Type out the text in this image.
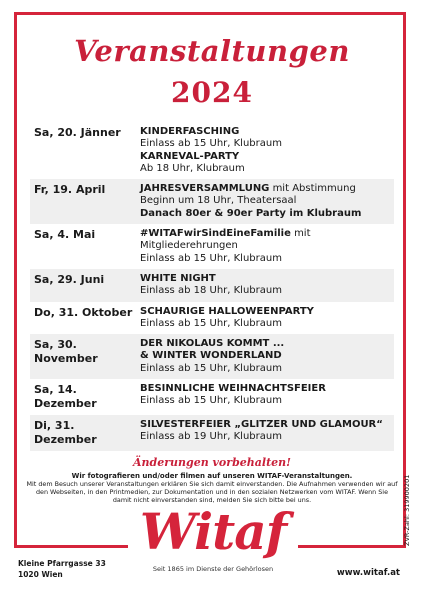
Veranstaltungen
2024
Sa, 20. Jänner	KINDERFASCHING
Einlass ab 15 Uhr, Klubraum
KARNEVAL-PARTY
Ab 18 Uhr, Klubraum
Fr, 19. April	JAHRESVERSAMMLUNG mit Abstimmung
Beginn um 18 Uhr, Theatersaal
Danach 80er & 90er Party im Klubraum
Sa, 4. Mai	#WITAFwirSindEineFamilie mit Mitgliederehrungen
Einlass ab 15 Uhr, Klubraum
Sa, 29. Juni	WHITE NIGHT
Einlass ab 18 Uhr, Klubraum
Do, 31. Oktober SCHAURIGE HALLOWEENPARTY
Einlass ab 15 Uhr, Klubraum
Sa, 30. November
DER NIKOLAUS KOMMT ...
& WINTER WONDERLAND
Einlass ab 15 Uhr, Klubraum
Sa, 14. Dezember
BESINNLICHE WEIHNACHTSFEIER
Einlass ab 15 Uhr, Klubraum
Di, 31. Dezember
SILVESTERFEIER „GLITZER UND GLAMOUR“
Einlass ab 19 Uhr, Klubraum
Änderungen vorbehalten!
Wir fotografieren und/oder filmen auf unseren WITAF-Veranstaltungen.
Mit dem Besuch unserer Veranstaltungen erklären Sie sich damit einverstanden. Die Aufnahmen verwenden wir auf den Webseiten, in den Printmedien, zur Dokumentation und in den sozialen Netzwerken vom WITAF. Wenn Sie damit nicht einverstanden sind, melden Sie sich bitte bei uns.
Witaf
Seit 1865 im Dienste der Gehörlosen
Kleine Pfarrgasse 33
1020 Wien	www.witaf.at
ZVR-Zahl: 319900201
